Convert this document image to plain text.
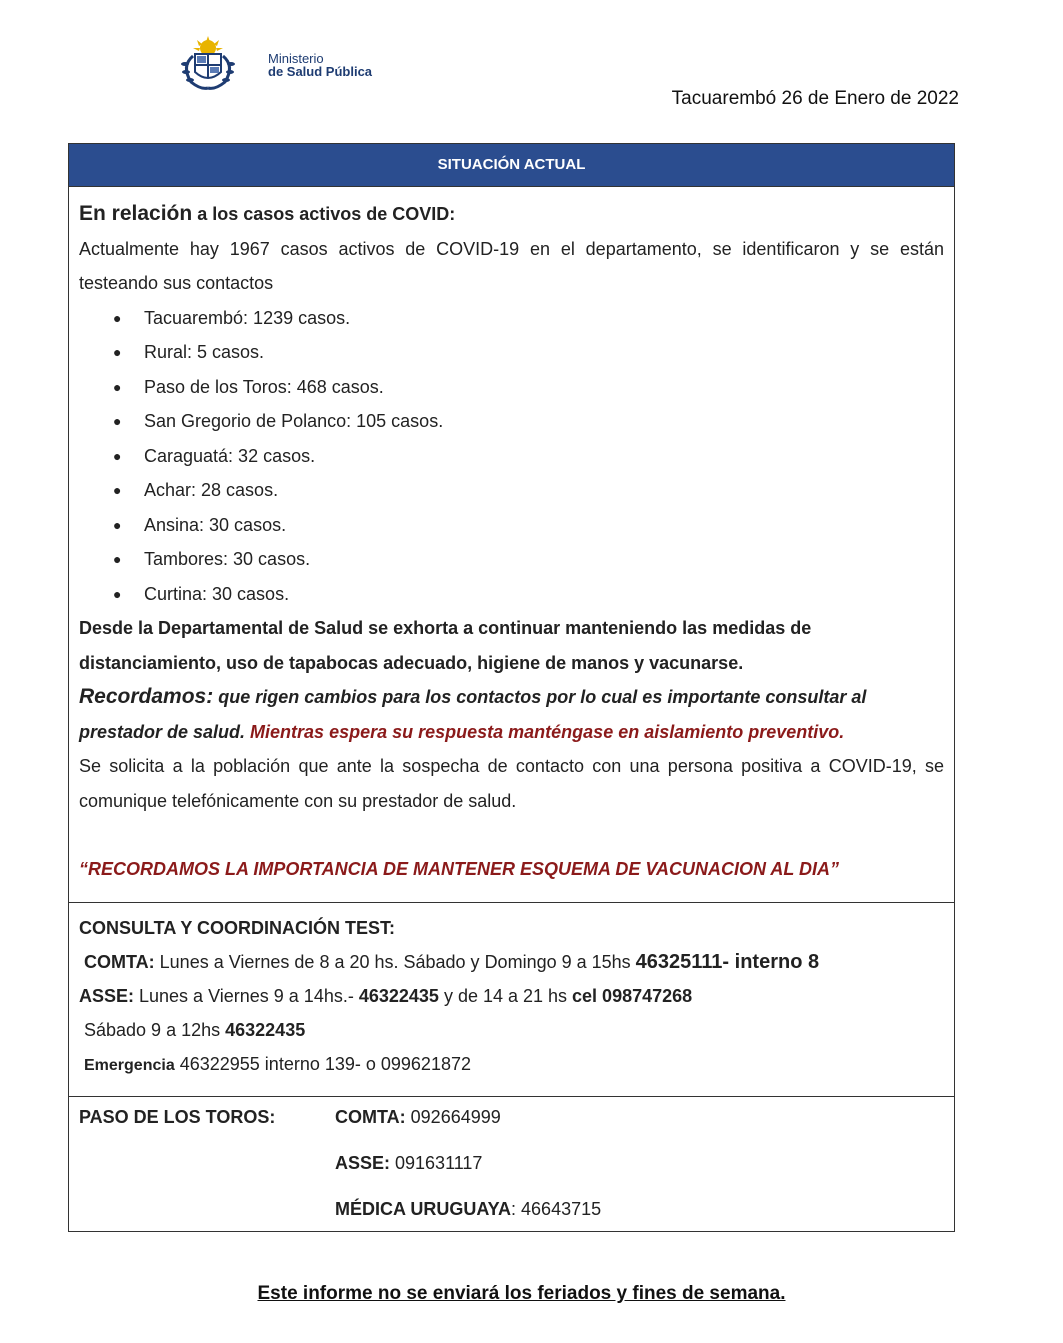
Ministerio
de Salud Pública
Tacuarembó 26 de Enero de 2022
SITUACIÓN ACTUAL

En relación a los casos activos de COVID:

Actualmente hay 1967 casos activos de COVID-19 en el departamento, se identificaron y se están testeando sus contactos

● Tacuarembó: 1239 casos.
● Rural: 5 casos.
● Paso de los Toros: 468 casos.
● San Gregorio de Polanco: 105 casos.
● Caraguatá: 32 casos.
● Achar: 28 casos.
● Ansina: 30 casos.
● Tambores: 30 casos.
● Curtina: 30 casos.

Desde la Departamental de Salud se exhorta a continuar manteniendo las medidas de distanciamiento, uso de tapabocas adecuado, higiene de manos y vacunarse.

Recordamos: que rigen cambios para los contactos por lo cual es importante consultar al prestador de salud. Mientras espera su respuesta manténgase en aislamiento preventivo.

Se solicita a la población que ante la sospecha de contacto con una persona positiva a COVID-19, se comunique telefónicamente con su prestador de salud.

“RECORDAMOS LA IMPORTANCIA DE MANTENER ESQUEMA DE VACUNACION AL DIA”

CONSULTA Y COORDINACIÓN TEST:
COMTA: Lunes a Viernes de 8 a 20 hs. Sábado y Domingo 9 a 15hs 46325111- interno 8
ASSE: Lunes a Viernes 9 a 14hs.- 46322435 y de 14 a 21 hs cel 098747268
Sábado 9 a 12hs 46322435
Emergencia 46322955 interno 139- o 099621872
PASO DE LOS TOROS:	COMTA: 092664999
ASSE: 091631117
MÉDICA URUGUAYA: 46643715
Este informe no se enviará los feriados y fines de semana.
